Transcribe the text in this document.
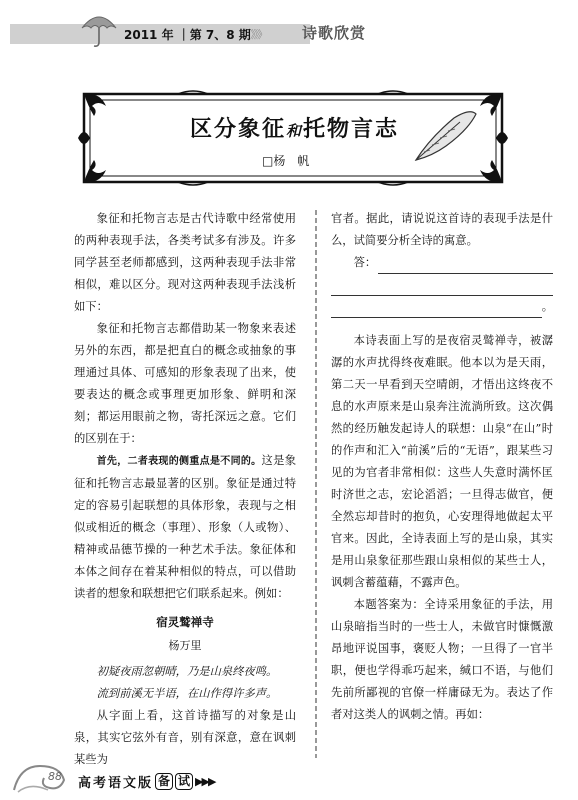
2011 年 ｜第 7、8 期 》》》 诗歌欣赏
区分象征和托物言志
□杨　帆

象征和托物言志是古代诗歌中经常使用的两种表现手法，各类考试多有涉及。许多同学甚至老师都感到，这两种表现手法非常相似，难以区分。现对这两种表现手法浅析如下：

象征和托物言志都借助某一物象来表述另外的东西，都是把直白的概念或抽象的事理通过具体、可感知的形象表现了出来，使要表达的概念或事理更加形象、鲜明和深刻；都运用眼前之物，寄托深远之意。它们的区别在于：

首先，二者表现的侧重点是不同的。这是象征和托物言志最显著的区别。象征是通过特定的容易引起联想的具体形象，表现与之相似或相近的概念（事理）、形象（人或物）、精神或品德节操的一种艺术手法。象征体和本体之间存在着某种相似的特点，可以借助读者的想象和联想把它们联系起来。例如：

宿灵鹫禅寺
杨万里

初疑夜雨忽朝晴，乃是山泉终夜鸣。

流到前溪无半语，在山作得许多声。

从字面上看，这首诗描写的对象是山泉，其实它弦外有音，别有深意，意在讽刺某些为

官者。据此，请说说这首诗的表现手法是什么，试简要分析全诗的寓意。

答：
。

本诗表面上写的是夜宿灵鹫禅寺，被潺潺的水声扰得终夜难眠。他本以为是天雨，第二天一早看到天空晴朗，才悟出这终夜不息的水声原来是山泉奔注流淌所致。这次偶然的经历触发起诗人的联想：山泉“在山”时的作声和汇入“前溪”后的“无语”，跟某些习见的为官者非常相似：这些人失意时满怀匡时济世之志，宏论滔滔；一旦得志做官，便全然忘却昔时的抱负，心安理得地做起太平官来。因此，全诗表面上写的是山泉，其实是用山泉象征那些跟山泉相似的某些士人，讽刺含蓄蕴藉，不露声色。

本题答案为：全诗采用象征的手法，用山泉暗指当时的一些士人，未做官时慷慨激昂地评说国事，褒贬人物；一旦得了一官半职，便也学得乖巧起来，缄口不语，与他们先前所鄙视的官僚一样庸碌无为。表达了作者对这类人的讽刺之情。再如：

88 高考语文版 备 试 ▶▶▶
